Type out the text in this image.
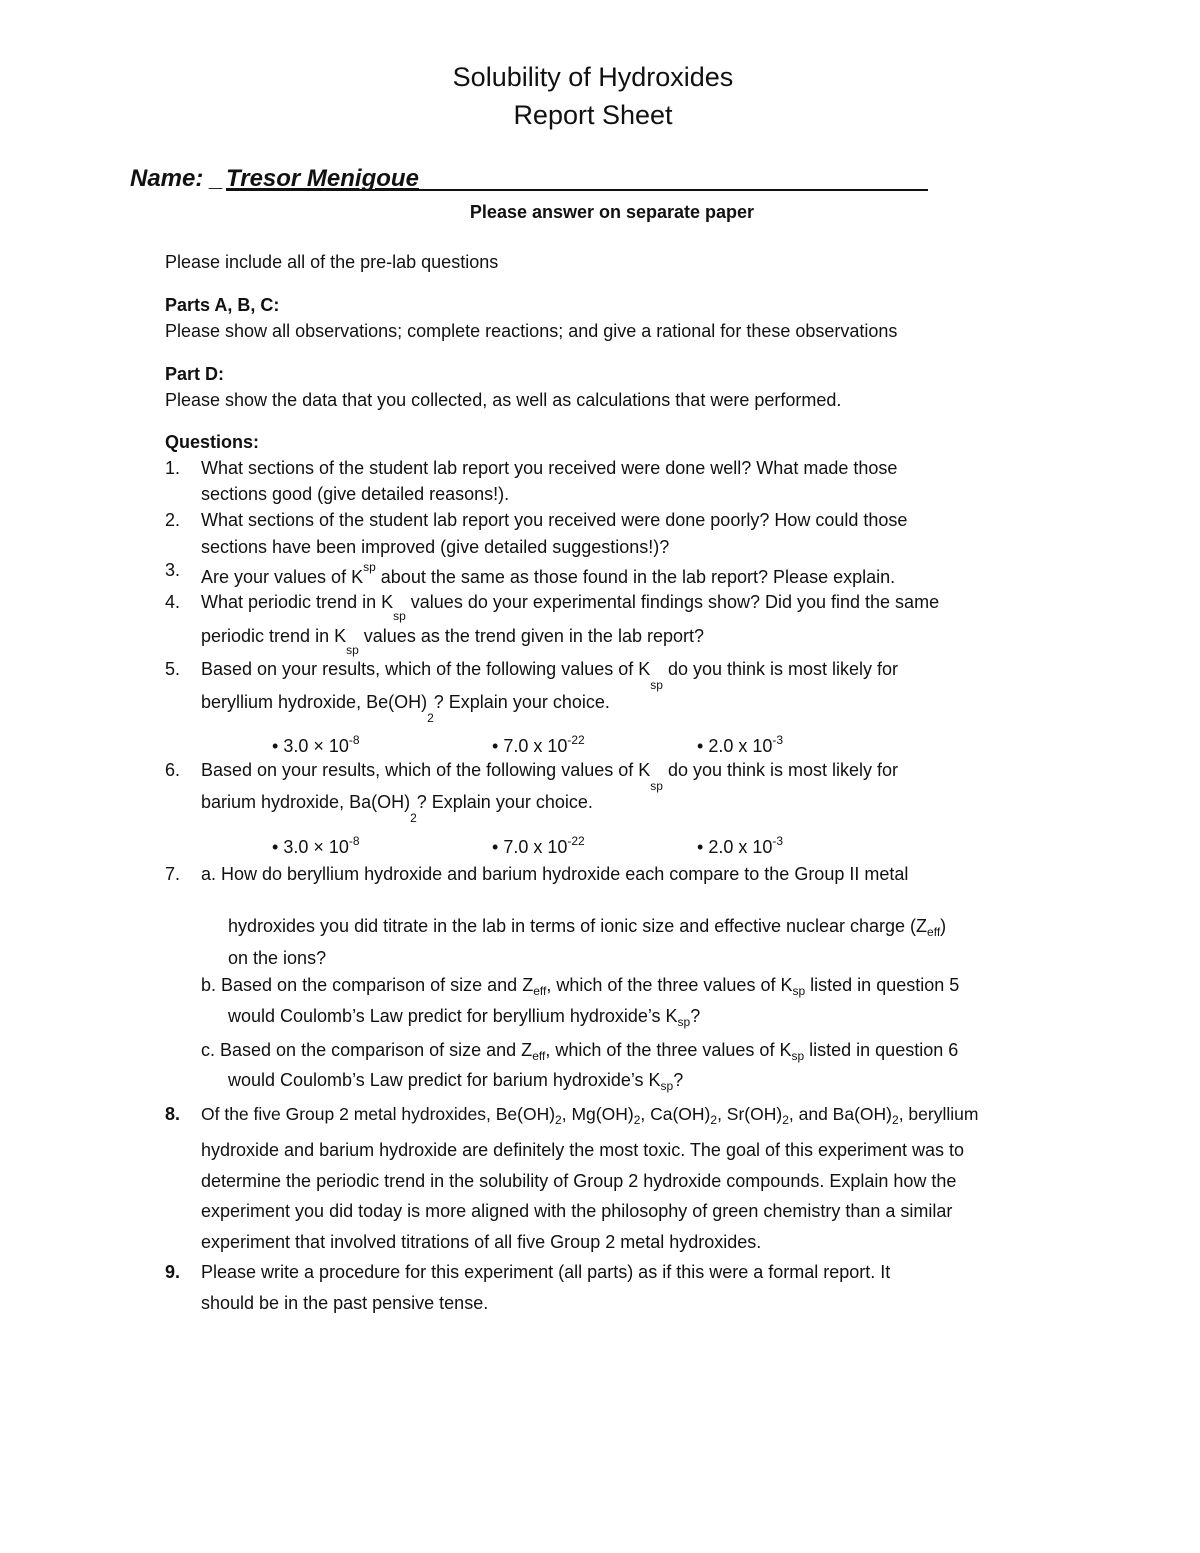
Solubility of Hydroxides
Report Sheet
Name: _ Tresor Menigoue
Please answer on separate paper
Please include all of the pre-lab questions
Parts A, B, C:
Please show all observations; complete reactions; and give a rational for these observations
Part D:
Please show the data that you collected, as well as calculations that were performed.
Questions:
1. What sections of the student lab report you received were done well? What made those
sections good (give detailed reasons!).
2. What sections of the student lab report you received were done poorly? How could those
sections have been improved (give detailed suggestions!)?
3. Are your values of $K^{sp}$ about the same as those found in the lab report? Please explain.
4. What periodic trend in $K_{sp}$ values do your experimental findings show? Did you find the same
periodic trend in $K_{sp}$ values as the trend given in the lab report?
5. Based on your results, which of the following values of $K_{sp}$ do you think is most likely for
beryllium hydroxide, $Be(OH)_2$? Explain your choice.
• $3.0 \times 10^{-8}$	• 7.0 x $10^{-22}$	• 2.0 x $10^{-3}$
6. Based on your results, which of the following values of $K_{sp}$ do you think is most likely for
barium hydroxide, $Ba(OH)_2$? Explain your choice.
• $3.0 \times 10^{-8}$	• 7.0 x $10^{-22}$	• 2.0 x $10^{-3}$
7. a. How do beryllium hydroxide and barium hydroxide each compare to the Group II metal
hydroxides you did titrate in the lab in terms of ionic size and effective nuclear charge $(Z_{eff})$
on the ions?
b. Based on the comparison of size and $Z_{eff}$, which of the three values of $K_{sp}$ listed in question 5
would Coulomb’s Law predict for beryllium hydroxide’s $K_{sp}$?
c. Based on the comparison of size and $Z_{eff}$, which of the three values of $K_{sp}$ listed in question 6
would Coulomb’s Law predict for barium hydroxide’s $K_{sp}$?
8. Of the five Group 2 metal hydroxides, $Be(OH)_2$, $Mg(OH)_2$, $Ca(OH)_2$, $Sr(OH)_2$, and $Ba(OH)_2$, beryllium
hydroxide and barium hydroxide are definitely the most toxic. The goal of this experiment was to
determine the periodic trend in the solubility of Group 2 hydroxide compounds. Explain how the
experiment you did today is more aligned with the philosophy of green chemistry than a similar
experiment that involved titrations of all five Group 2 metal hydroxides.
9. Please write a procedure for this experiment (all parts) as if this were a formal report. It
should be in the past pensive tense.
